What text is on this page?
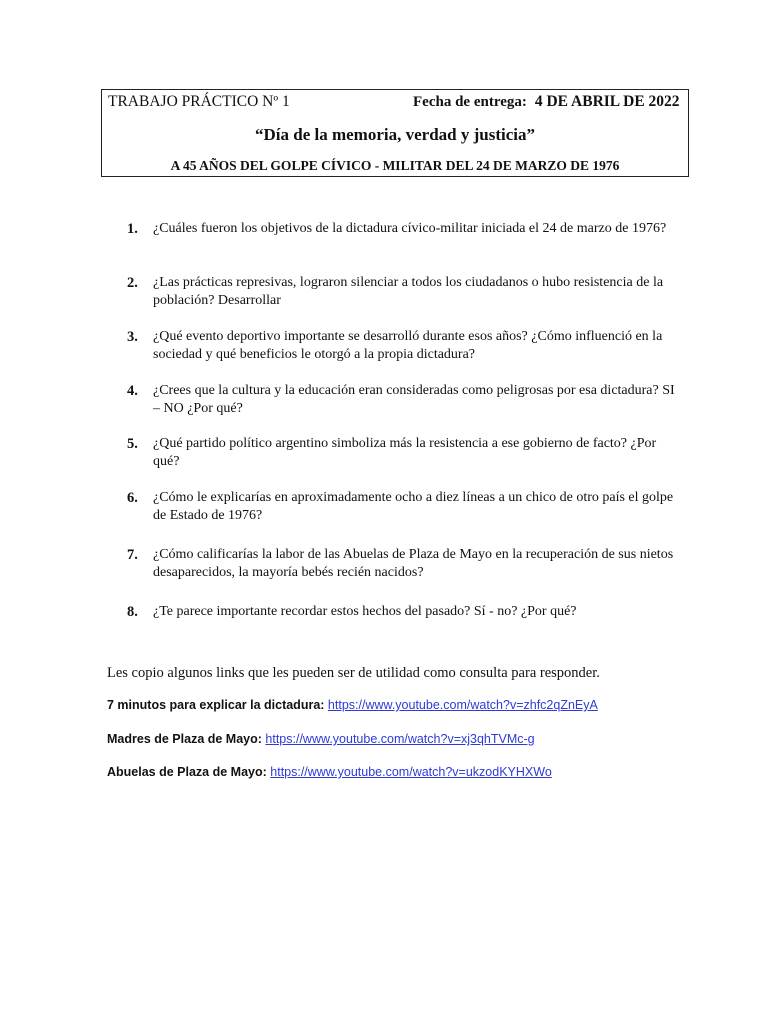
TRABAJO PRÁCTICO Nº 1	Fecha de entrega: 4 DE ABRIL DE 2022
“Día de la memoria, verdad y justicia”
A 45 AÑOS DEL GOLPE CÍVICO - MILITAR DEL 24 DE MARZO DE 1976
1.	¿Cuáles fueron los objetivos de la dictadura cívico-militar iniciada el 24 de marzo de 1976?
2.	¿Las prácticas represivas, lograron silenciar a todos los ciudadanos o hubo resistencia de la población? Desarrollar
3.	¿Qué evento deportivo importante se desarrolló durante esos años? ¿Cómo influenció en la sociedad y qué beneficios le otorgó a la propia dictadura?
4.	¿Crees que la cultura y la educación eran consideradas como peligrosas por esa dictadura? SI – NO ¿Por qué?
5.	¿Qué partido político argentino simboliza más la resistencia a ese gobierno de facto? ¿Por qué?
6.	¿Cómo le explicarías en aproximadamente ocho a diez líneas a un chico de otro país el golpe de Estado de 1976?
7.	¿Cómo calificarías la labor de las Abuelas de Plaza de Mayo en la recuperación de sus nietos desaparecidos, la mayoría bebés recién nacidos?
8.	¿Te parece importante recordar estos hechos del pasado? Sí - no? ¿Por qué?
Les copio algunos links que les pueden ser de utilidad como consulta para responder.
7 minutos para explicar la dictadura: https://www.youtube.com/watch?v=zhfc2qZnEyA
Madres de Plaza de Mayo: https://www.youtube.com/watch?v=xj3qhTVMc-g
Abuelas de Plaza de Mayo: https://www.youtube.com/watch?v=ukzodKYHXWo
